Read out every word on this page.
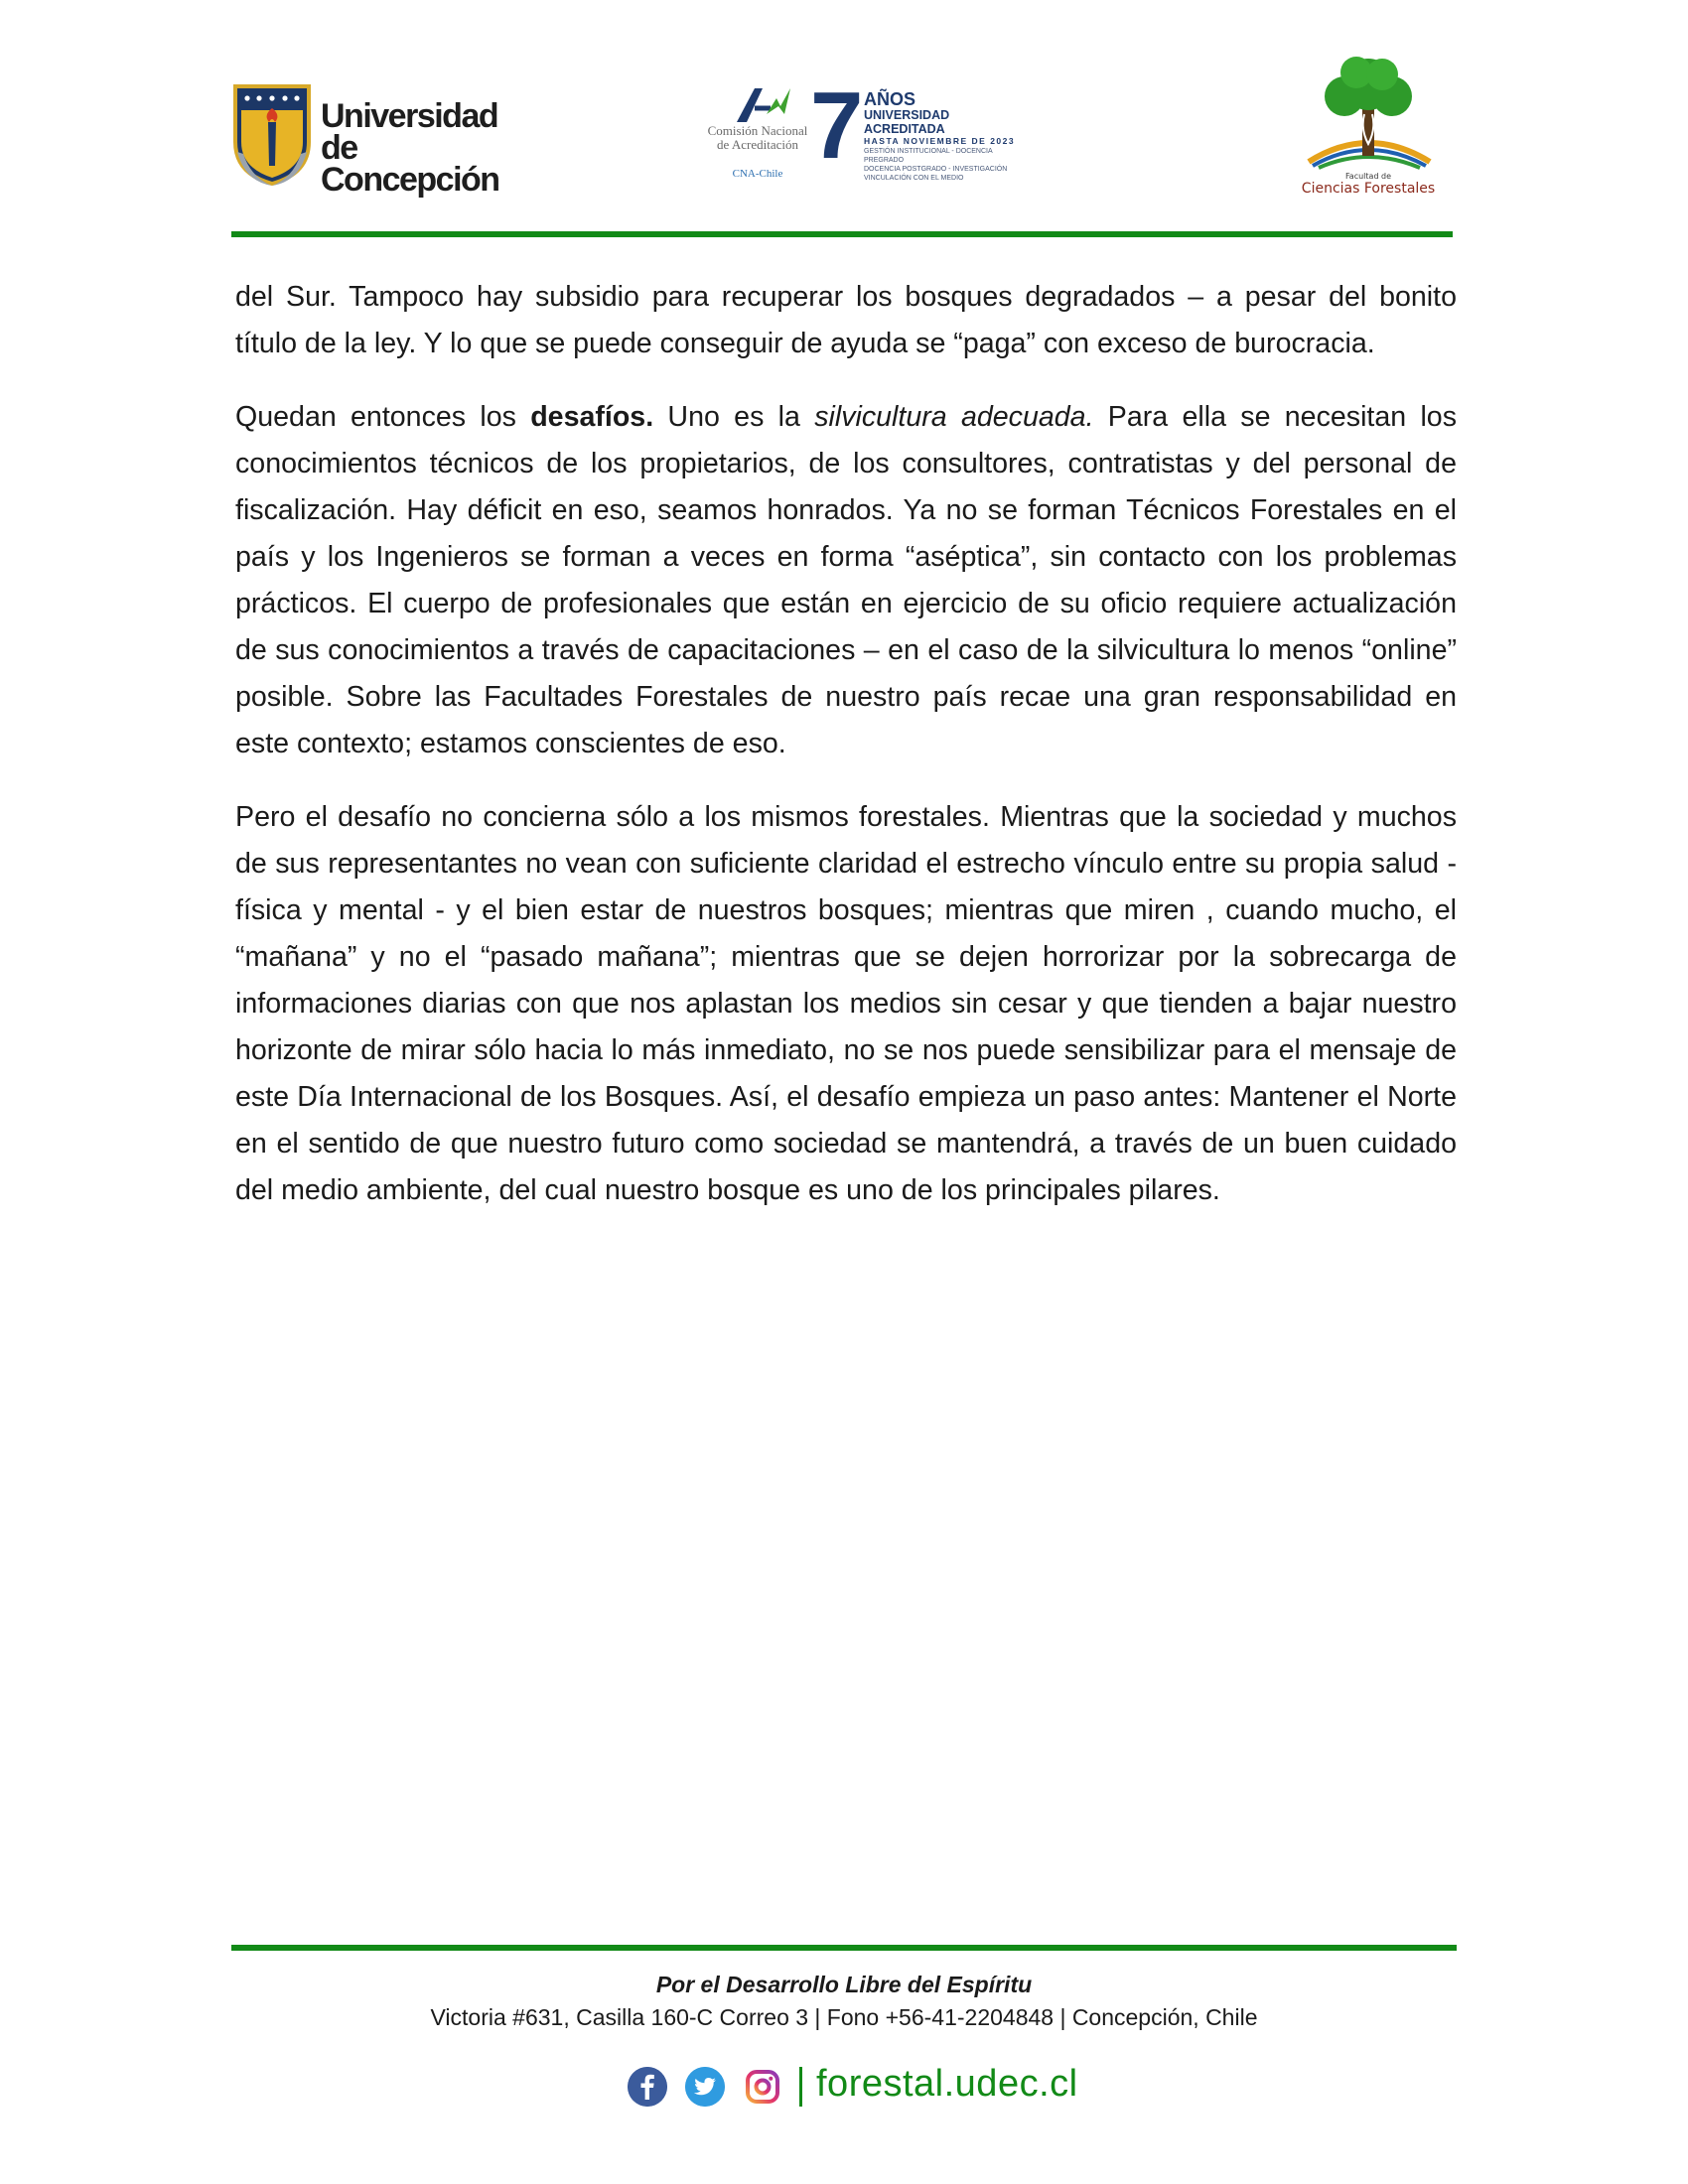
Universidad
de Concepción
Comisión Nacional
de Acreditación
CNA-Chile 7 AÑOS
UNIVERSIDAD ACREDITADA
HASTA NOVIEMBRE DE 2023
GESTIÓN INSTITUCIONAL - DOCENCIA PREGRADO
DOCENCIA POSTGRADO - INVESTIGACIÓN
VINCULACIÓN CON EL MEDIO	Facultad de
Ciencias Forestales

del Sur. Tampoco hay subsidio para recuperar los bosques degradados – a pesar del bonito título de la ley. Y lo que se puede conseguir de ayuda se “paga” con exceso de burocracia.

Quedan entonces los desafíos. Uno es la silvicultura adecuada. Para ella se necesitan los conocimientos técnicos de los propietarios, de los consultores, contratistas y del personal de fiscalización. Hay déficit en eso, seamos honrados. Ya no se forman Técnicos Forestales en el país y los Ingenieros se forman a veces en forma “aséptica”, sin contacto con los problemas prácticos. El cuerpo de profesionales que están en ejercicio de su oficio requiere actualización de sus conocimientos a través de capacitaciones – en el caso de la silvicultura lo menos “online” posible. Sobre las Facultades Forestales de nuestro país recae una gran responsabilidad en este contexto; estamos conscientes de eso.

Pero el desafío no concierna sólo a los mismos forestales. Mientras que la sociedad y muchos de sus representantes no vean con suficiente claridad el estrecho vínculo entre su propia salud - física y mental - y el bien estar de nuestros bosques; mientras que miren , cuando mucho, el “mañana” y no el “pasado mañana”; mientras que se dejen horrorizar por la sobrecarga de informaciones diarias con que nos aplastan los medios sin cesar y que tienden a bajar nuestro horizonte de mirar sólo hacia lo más inmediato, no se nos puede sensibilizar para el mensaje de este Día Internacional de los Bosques. Así, el desafío empieza un paso antes: Mantener el Norte en el sentido de que nuestro futuro como sociedad se mantendrá, a través de un buen cuidado del medio ambiente, del cual nuestro bosque es uno de los principales pilares.

Por el Desarrollo Libre del Espíritu
Victoria #631, Casilla 160-C Correo 3 | Fono +56-41-2204848 | Concepción, Chile
forestal.udec.cl
